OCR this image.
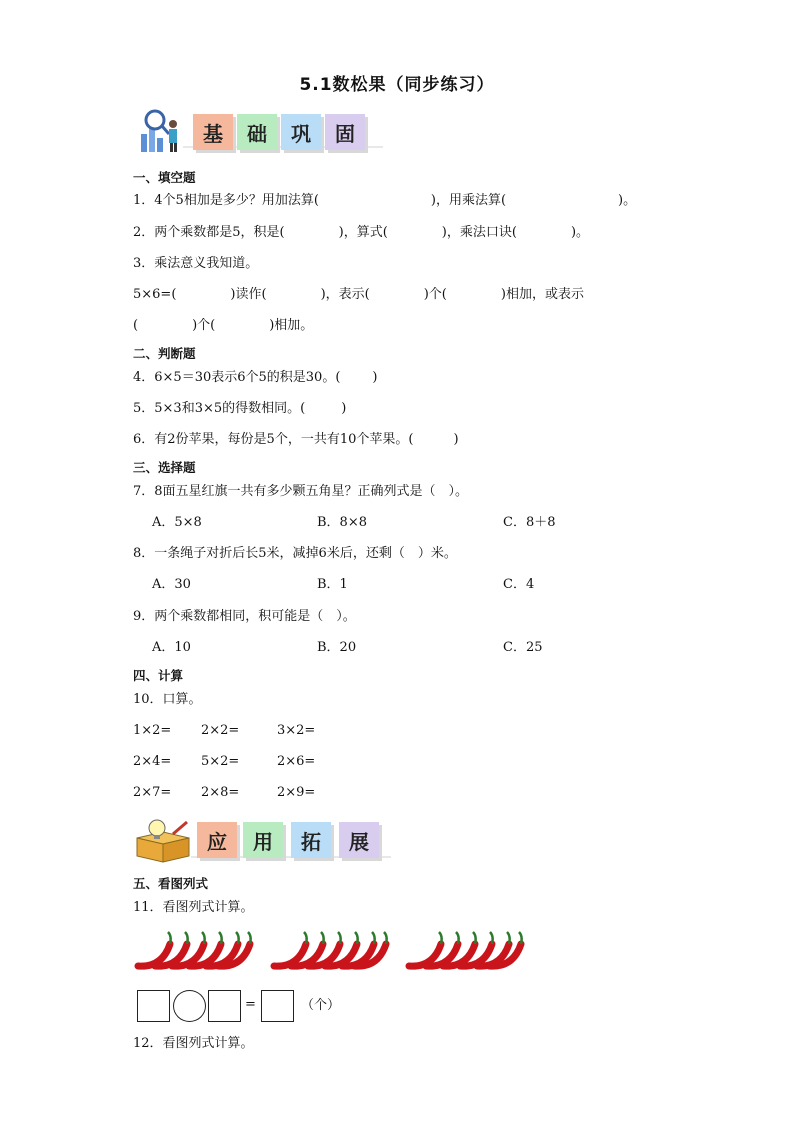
5.1数松果（同步练习）
基	础	巩	固
一、填空题
1．4个5相加是多少？用加法算(	)，用乘法算(	)。
2．两个乘数都是5，积是(	)，算式(	)，乘法口诀(	)。
3．乘法意义我知道。
5×6=(	)读作(	)，表示(	)个(	)相加，或表示
(	)个(	)相加。
二、判断题
4．6×5＝30表示6个5的积是30。( )
5．5×3和3×5的得数相同。(	)
6．有2份苹果，每份是5个，一共有10个苹果。(	)
三、选择题
7．8面五星红旗一共有多少颗五角星？正确列式是（　）。
A．5×8	B．8×8	C．8＋8
8．一条绳子对折后长5米，减掉6米后，还剩（　）米。
A．30	B．1	C．4
9．两个乘数都相同，积可能是（　）。
A．10	B．20	C．25
四、计算
10．口算。
1×2= 2×2=	3×2=
2×4= 5×2=	2×6=
2×7= 2×8=	2×9=
应	用	拓	展
五、看图列式
11．看图列式计算。
=	（个）
12．看图列式计算。
